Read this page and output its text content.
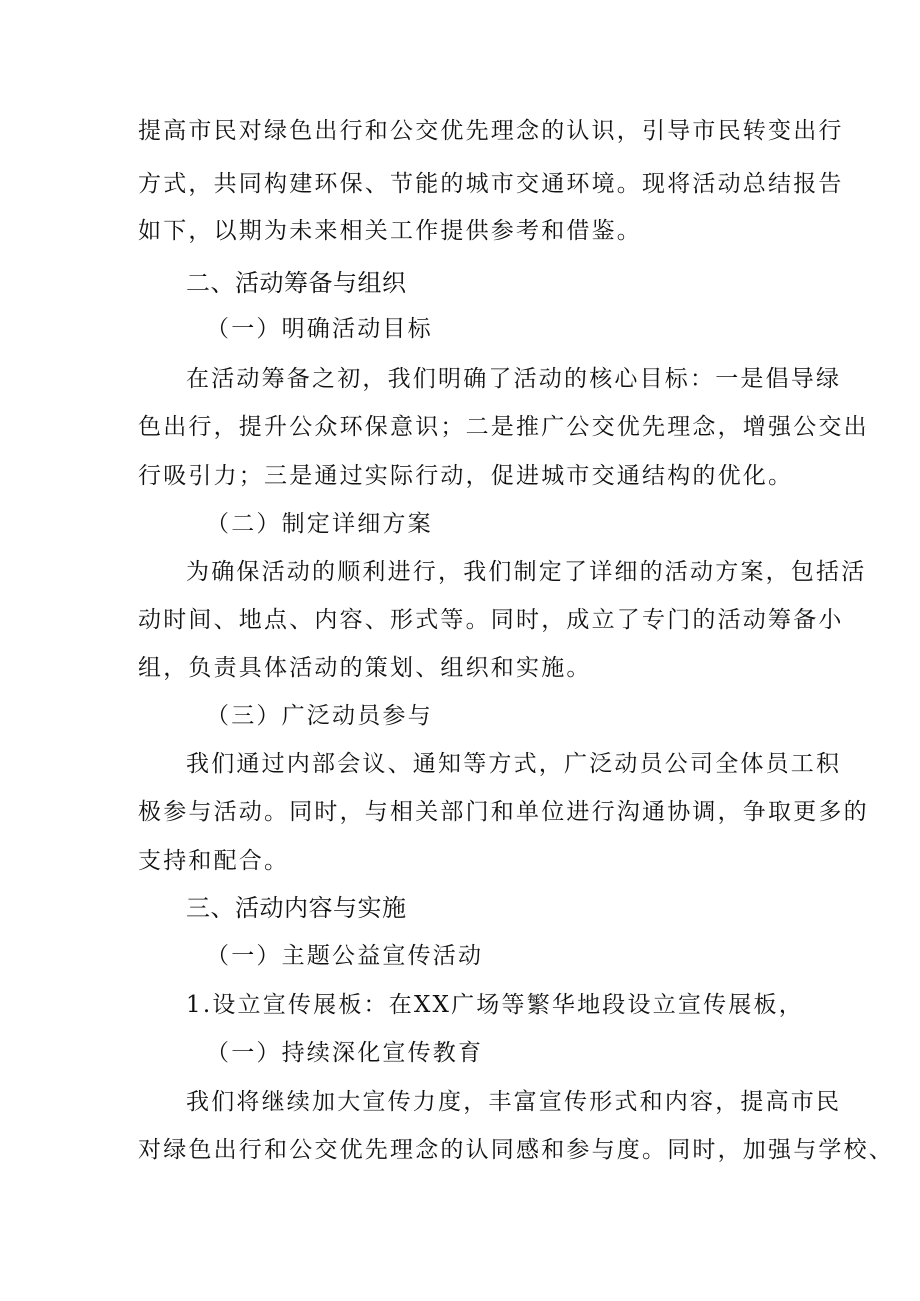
提高市民对绿色出行和公交优先理念的认识，引导市民转变出行
方式，共同构建环保、节能的城市交通环境。现将活动总结报告
如下，以期为未来相关工作提供参考和借鉴。
二、活动筹备与组织
（一）明确活动目标
在活动筹备之初，我们明确了活动的核心目标：一是倡导绿
色出行，提升公众环保意识；二是推广公交优先理念，增强公交出
行吸引力；三是通过实际行动，促进城市交通结构的优化。
（二）制定详细方案
为确保活动的顺利进行，我们制定了详细的活动方案，包括活
动时间、地点、内容、形式等。同时，成立了专门的活动筹备小
组，负责具体活动的策划、组织和实施。
（三）广泛动员参与
我们通过内部会议、通知等方式，广泛动员公司全体员工积
极参与活动。同时，与相关部门和单位进行沟通协调，争取更多的
支持和配合。
三、活动内容与实施
（一）主题公益宣传活动
1.设立宣传展板：在XX广场等繁华地段设立宣传展板，
（一）持续深化宣传教育
我们将继续加大宣传力度，丰富宣传形式和内容，提高市民
对绿色出行和公交优先理念的认同感和参与度。同时，加强与学校、
